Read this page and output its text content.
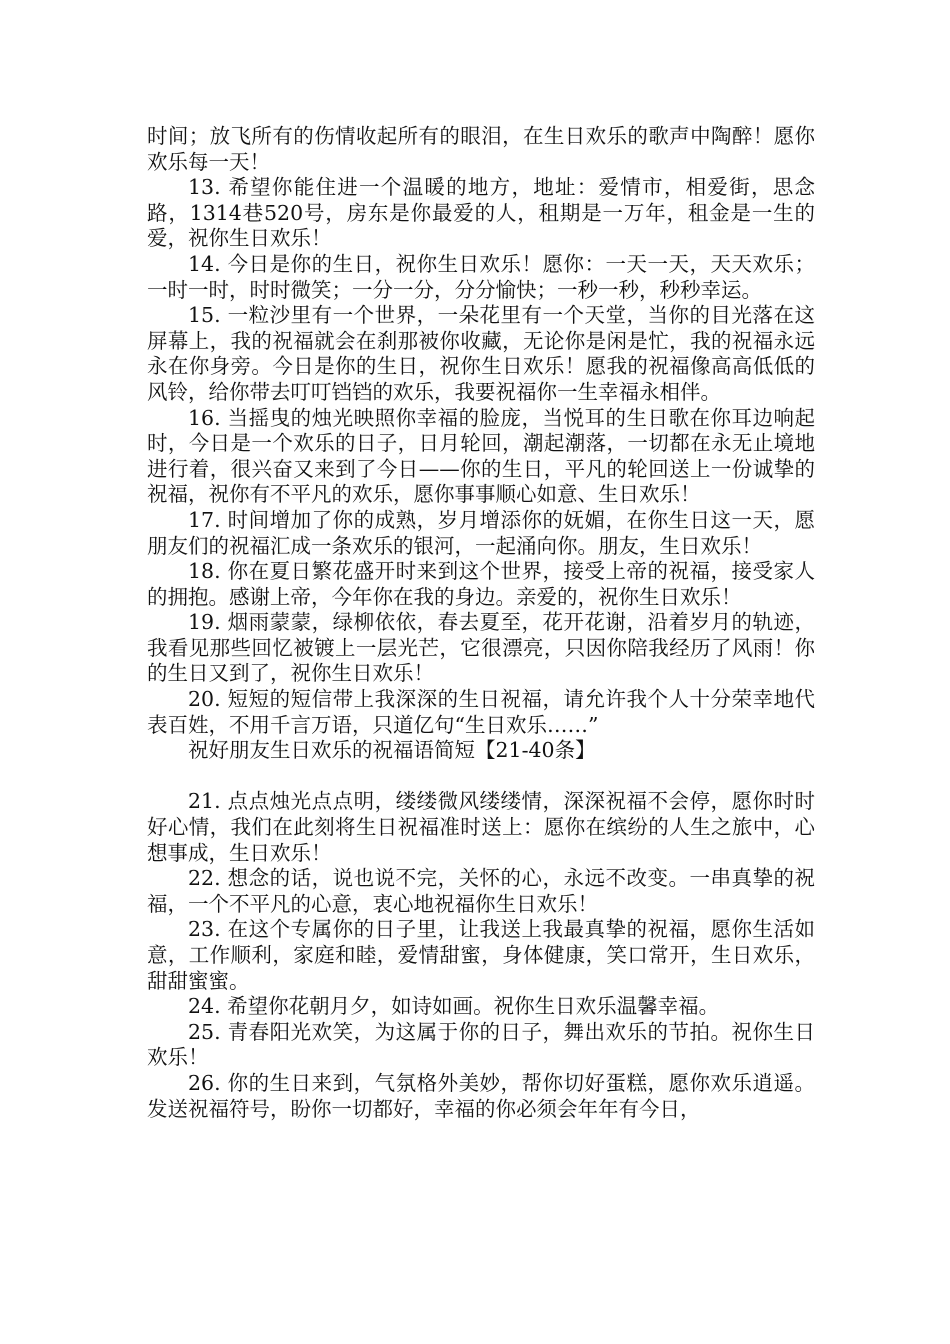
时间；放飞所有的伤情收起所有的眼泪，在生日欢乐的歌声中陶醉！愿你欢乐每一天！

13. 希望你能住进一个温暖的地方，地址：爱情市，相爱街，思念路，1314巷520号，房东是你最爱的人，租期是一万年，租金是一生的爱，祝你生日欢乐！

14. 今日是你的生日，祝你生日欢乐！愿你：一天一天，天天欢乐；一时一时，时时微笑；一分一分，分分愉快；一秒一秒，秒秒幸运。

15. 一粒沙里有一个世界，一朵花里有一个天堂，当你的目光落在这屏幕上，我的祝福就会在刹那被你收藏，无论你是闲是忙，我的祝福永远永在你身旁。今日是你的生日，祝你生日欢乐！愿我的祝福像高高低低的风铃，给你带去叮叮铛铛的欢乐，我要祝福你一生幸福永相伴。

16. 当摇曳的烛光映照你幸福的脸庞，当悦耳的生日歌在你耳边响起时，今日是一个欢乐的日子，日月轮回，潮起潮落，一切都在永无止境地进行着，很兴奋又来到了今日——你的生日，平凡的轮回送上一份诚挚的祝福，祝你有不平凡的欢乐，愿你事事顺心如意、生日欢乐！

17. 时间增加了你的成熟，岁月增添你的妩媚，在你生日这一天，愿朋友们的祝福汇成一条欢乐的银河，一起涌向你。朋友，生日欢乐！

18. 你在夏日繁花盛开时来到这个世界，接受上帝的祝福，接受家人的拥抱。感谢上帝，今年你在我的身边。亲爱的，祝你生日欢乐！

19. 烟雨蒙蒙，绿柳依依，春去夏至，花开花谢，沿着岁月的轨迹，我看见那些回忆被镀上一层光芒，它很漂亮，只因你陪我经历了风雨！你的生日又到了，祝你生日欢乐！

20. 短短的短信带上我深深的生日祝福，请允许我个人十分荣幸地代表百姓，不用千言万语，只道亿句“生日欢乐……”

祝好朋友生日欢乐的祝福语简短【21-40条】

21. 点点烛光点点明，缕缕微风缕缕情，深深祝福不会停，愿你时时好心情，我们在此刻将生日祝福准时送上：愿你在缤纷的人生之旅中，心想事成，生日欢乐！

22. 想念的话，说也说不完，关怀的心，永远不改变。一串真挚的祝福，一个不平凡的心意，衷心地祝福你生日欢乐！

23. 在这个专属你的日子里，让我送上我最真挚的祝福，愿你生活如意，工作顺利，家庭和睦，爱情甜蜜，身体健康，笑口常开，生日欢乐，甜甜蜜蜜。

24. 希望你花朝月夕，如诗如画。祝你生日欢乐温馨幸福。

25. 青春阳光欢笑，为这属于你的日子，舞出欢乐的节拍。祝你生日欢乐！

26. 你的生日来到，气氛格外美妙，帮你切好蛋糕，愿你欢乐逍遥。发送祝福符号，盼你一切都好，幸福的你必须会年年有今日，
